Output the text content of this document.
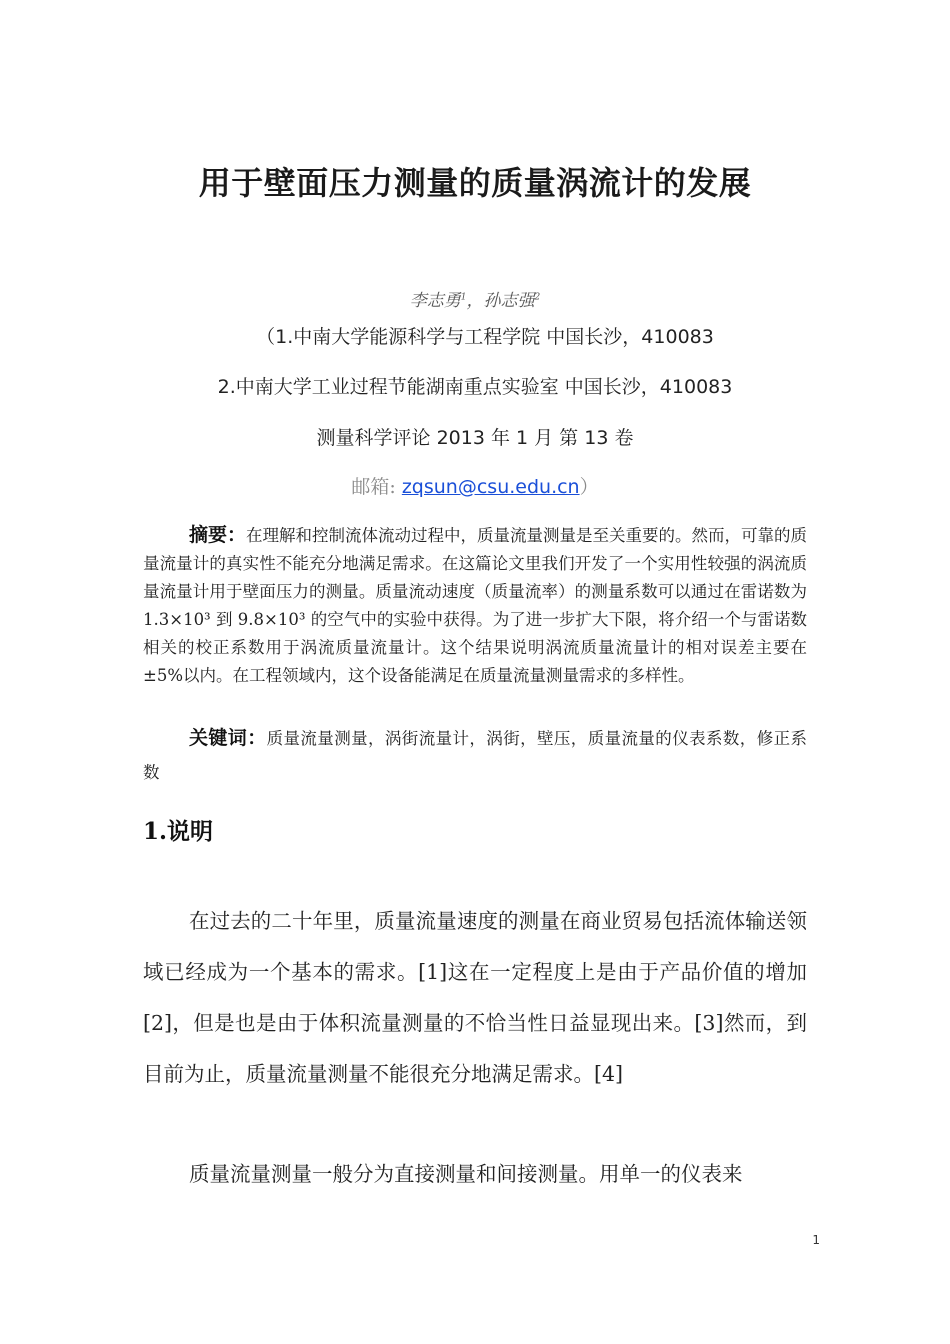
用于壁面压力测量的质量涡流计的发展
李志勇$^1$，孙志强$^2$
（1.中南大学能源科学与工程学院 中国长沙，410083
2.中南大学工业过程节能湖南重点实验室 中国长沙，410083
测量科学评论 2013 年 1 月 第 13 卷
邮箱: zqsun@csu.edu.cn）
摘要：在理解和控制流体流动过程中，质量流量测量是至关重要的。然而，可靠的质量流量计的真实性不能充分地满足需求。在这篇论文里我们开发了一个实用性较强的涡流质量流量计用于壁面压力的测量。质量流动速度（质量流率）的测量系数可以通过在雷诺数为 1.3×10³ 到 9.8×10³ 的空气中的实验中获得。为了进一步扩大下限，将介绍一个与雷诺数相关的校正系数用于涡流质量流量计。这个结果说明涡流质量流量计的相对误差主要在±5%以内。在工程领域内，这个设备能满足在质量流量测量需求的多样性。
关键词：质量流量测量，涡街流量计，涡街，壁压，质量流量的仪表系数，修正系数
1.说明
在过去的二十年里，质量流量速度的测量在商业贸易包括流体输送领域已经成为一个基本的需求。[1]这在一定程度上是由于产品价值的增加[2]，但是也是由于体积流量测量的不恰当性日益显现出来。[3]然而，到目前为止，质量流量测量不能很充分地满足需求。[4]
质量流量测量一般分为直接测量和间接测量。用单一的仪表来
1
